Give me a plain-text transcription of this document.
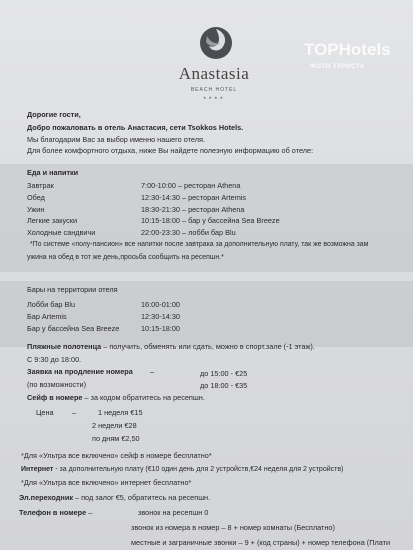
Anastasia
BEACH HOTEL
★★★★
TOPHotels
ФОТО ТУРИСТА
Дорогие гости,
Добро пожаловать в отель Анастасия, сети Tsokkos Hotels.
Мы благодарим Вас за выбор именно нашего отеля.
Для более комфортного отдыха, ниже Вы найдете полезную информацию об отеле:
Еда и напитки
Завтрак	7:00-10:00 – ресторан Athena
Обед	12:30-14:30 – ресторан Artemis
Ужин	18:30-21:30 – ресторан Athena
Легкие закуски	10:15-18:00 – бар у бассейна Sea Breeze
Холодные сандвичи	22:00-23:30 – лобби бар Blu
*По системе «полу-пансион» все напитки после завтрака за дополнительную плату, так же возможна зам
ужина на обед в тот же день,просьба сообщить на ресепшн.*
Бары на территории отеля
Лобби бар Blu	16:00-01:00
Бар Artemis	12:30-14:30
Бар у бассейна Sea Breeze	10:15-18:00
Пляжные полотенца – получить, обменять или сдать, можно в спорт.зале (-1 этаж).
С 9:30 до 18:00.
Заявка на продление номера –	до 15:00 - €25
(по возможности)	до 18:00 - €35
Сейф в номере – за кодом обратитесь на ресепшн.
Цена	–	1 неделя €15
2 недели €28
по дням €2,50
*Для «Ультра все включено» сейф в номере бесплатно*
Интернет - за дополнительную плату (€10 один день для 2 устройств,€24 неделя для 2 устройств)
*Для «Ультра все включено» интернет бесплатно*
Эл.переходник – под залог €5, обратитесь на ресепшн.
Телефон в номере –	звонок на ресепшн 0
звонок из номера в номер – 8 + номер комнаты (Бесплатно)
местные и заграничные звонки – 9 + (код страны) + номер телефона (Плати
